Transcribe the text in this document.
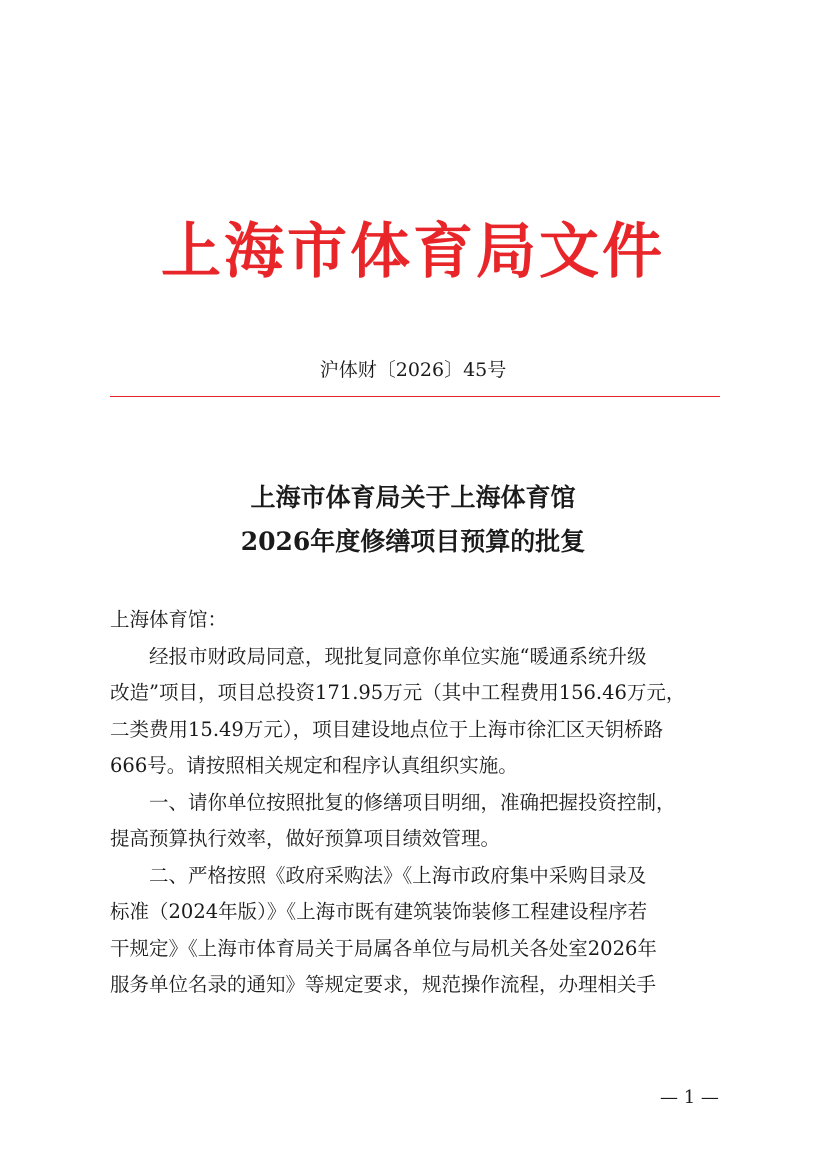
上海市体育局文件
沪体财〔2026〕45号
上海市体育局关于上海体育馆
2026年度修缮项目预算的批复
上海体育馆：
　　经报市财政局同意，现批复同意你单位实施“暖通系统升级
改造”项目，项目总投资171.95万元（其中工程费用156.46万元，
二类费用15.49万元），项目建设地点位于上海市徐汇区天钥桥路
666号。请按照相关规定和程序认真组织实施。
　　一、请你单位按照批复的修缮项目明细，准确把握投资控制，
提高预算执行效率，做好预算项目绩效管理。
　　二、严格按照《政府采购法》《上海市政府集中采购目录及
标准（2024年版）》《上海市既有建筑装饰装修工程建设程序若
干规定》《上海市体育局关于局属各单位与局机关各处室2026年
服务单位名录的通知》等规定要求，规范操作流程，办理相关手
— 1 —
